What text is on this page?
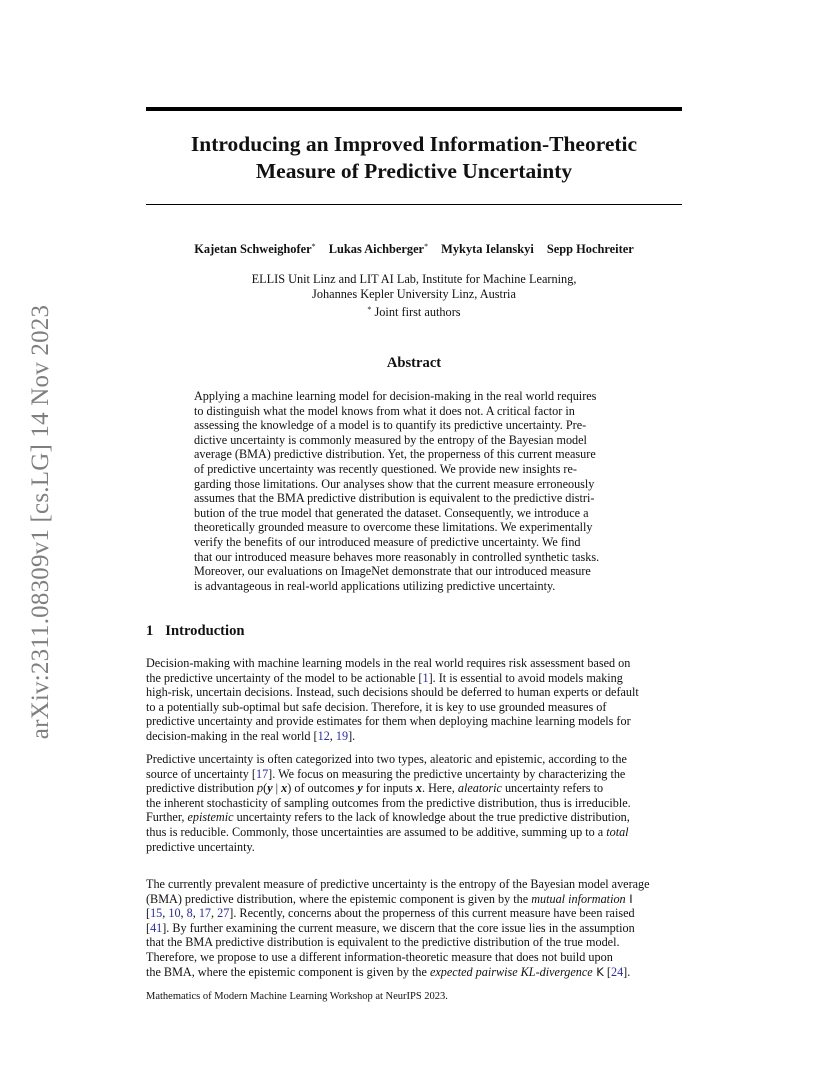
arXiv:2311.08309v1 [cs.LG] 14 Nov 2023
Introducing an Improved Information-Theoretic
Measure of Predictive Uncertainty
Kajetan Schweighofer* Lukas Aichberger* Mykyta Ielanskyi Sepp Hochreiter
ELLIS Unit Linz and LIT AI Lab, Institute for Machine Learning,
Johannes Kepler University Linz, Austria
* Joint first authors
Abstract
Applying a machine learning model for decision-making in the real world requires
to distinguish what the model knows from what it does not. A critical factor in
assessing the knowledge of a model is to quantify its predictive uncertainty. Pre-
dictive uncertainty is commonly measured by the entropy of the Bayesian model
average (BMA) predictive distribution. Yet, the properness of this current measure
of predictive uncertainty was recently questioned. We provide new insights re-
garding those limitations. Our analyses show that the current measure erroneously
assumes that the BMA predictive distribution is equivalent to the predictive distri-
bution of the true model that generated the dataset. Consequently, we introduce a
theoretically grounded measure to overcome these limitations. We experimentally
verify the benefits of our introduced measure of predictive uncertainty. We find
that our introduced measure behaves more reasonably in controlled synthetic tasks.
Moreover, our evaluations on ImageNet demonstrate that our introduced measure
is advantageous in real-world applications utilizing predictive uncertainty.
1 Introduction
Decision-making with machine learning models in the real world requires risk assessment based on
the predictive uncertainty of the model to be actionable [1]. It is essential to avoid models making
high-risk, uncertain decisions. Instead, such decisions should be deferred to human experts or default
to a potentially sub-optimal but safe decision. Therefore, it is key to use grounded measures of
predictive uncertainty and provide estimates for them when deploying machine learning models for
decision-making in the real world [12, 19].
Predictive uncertainty is often categorized into two types, aleatoric and epistemic, according to the
source of uncertainty [17]. We focus on measuring the predictive uncertainty by characterizing the
predictive distribution p(y | x) of outcomes y for inputs x. Here, aleatoric uncertainty refers to
the inherent stochasticity of sampling outcomes from the predictive distribution, thus is irreducible.
Further, epistemic uncertainty refers to the lack of knowledge about the true predictive distribution,
thus is reducible. Commonly, those uncertainties are assumed to be additive, summing up to a total
predictive uncertainty.
The currently prevalent measure of predictive uncertainty is the entropy of the Bayesian model average
(BMA) predictive distribution, where the epistemic component is given by the mutual information I
[15, 10, 8, 17, 27]. Recently, concerns about the properness of this current measure have been raised
[41]. By further examining the current measure, we discern that the core issue lies in the assumption
that the BMA predictive distribution is equivalent to the predictive distribution of the true model.
Therefore, we propose to use a different information-theoretic measure that does not build upon
the BMA, where the epistemic component is given by the expected pairwise KL-divergence K [24].
Mathematics of Modern Machine Learning Workshop at NeurIPS 2023.
